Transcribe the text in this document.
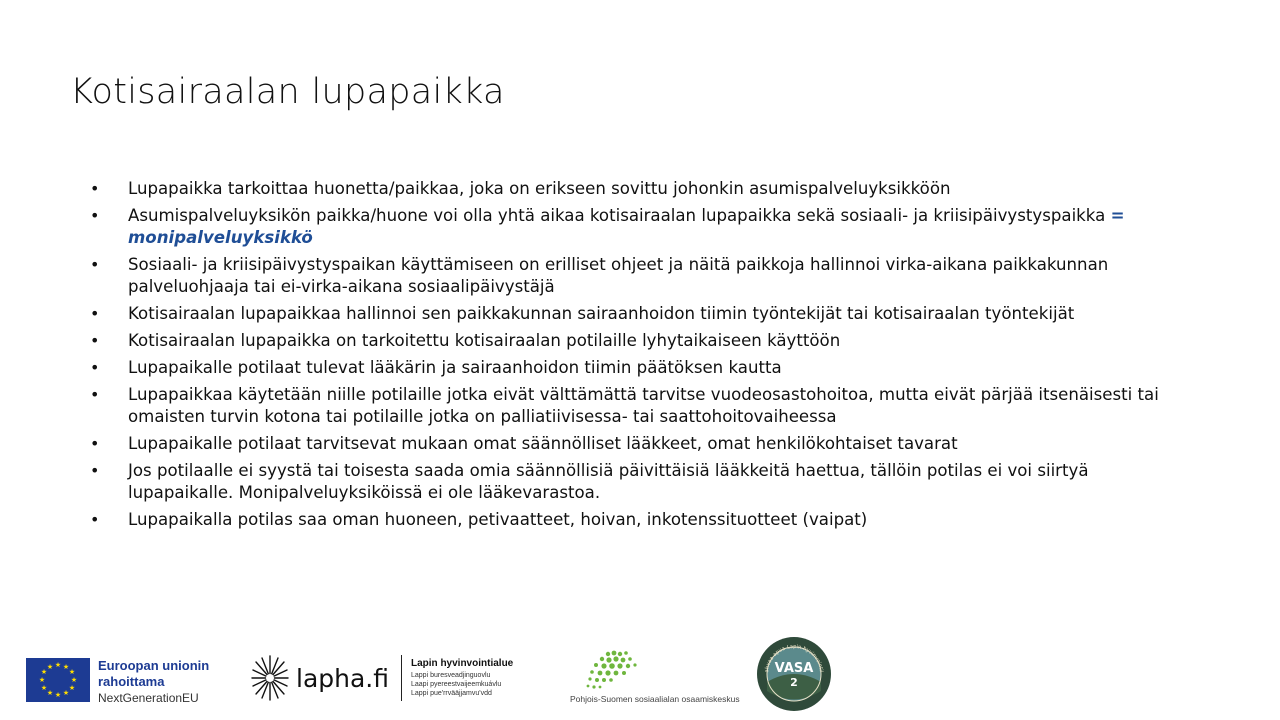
Kotisairaalan lupapaikka
• Lupapaikka tarkoittaa huonetta/paikkaa, joka on erikseen sovittu johonkin asumispalveluyksikköön
• Asumispalveluyksikön paikka/huone voi olla yhtä aikaa kotisairaalan lupapaikka sekä sosiaali- ja kriisipäivystyspaikka = monipalveluyksikkö
• Sosiaali- ja kriisipäivystyspaikan käyttämiseen on erilliset ohjeet ja näitä paikkoja hallinnoi virka-aikana paikkakunnan palveluohjaaja tai ei-virka-aikana sosiaalipäivystäjä
• Kotisairaalan lupapaikkaa hallinnoi sen paikkakunnan sairaanhoidon tiimin työntekijät tai kotisairaalan työntekijät
• Kotisairaalan lupapaikka on tarkoitettu kotisairaalan potilaille lyhytaikaiseen käyttöön
• Lupapaikalle potilaat tulevat lääkärin ja sairaanhoidon tiimin päätöksen kautta
• Lupapaikkaa käytetään niille potilaille jotka eivät välttämättä tarvitse vuodeosastohoitoa, mutta eivät pärjää itsenäisesti tai omaisten turvin kotona tai potilaille jotka on palliatiivisessa- tai saattohoitovaiheessa
• Lupapaikalle potilaat tarvitsevat mukaan omat säännölliset lääkkeet, omat henkilökohtaiset tavarat
• Jos potilaalle ei syystä tai toisesta saada omia säännöllisiä päivittäisiä lääkkeitä haettua, tällöin potilas ei voi siirtyä lupapaikalle. Monipalveluyksiköissä ei ole lääkevarastoa.
• Lupapaikalla potilas saa oman huoneen, petivaatteet, hoivan, inkotenssituotteet (vaipat)
★ ★
★
★
★
★
★
★
★
★
★
★	Euroopan unionin
rahoittama
NextGenerationEU
lapha.fi
Lapin hyvinvointialue
Lappi buresveadjinguovlu
Laapi pyereestvaijeemkuávlu
Lappi pue'rrvääjjamvu'vdd
Pohjois-Suomen sosiaalialan osaamiskeskus
VASA
2
ahvaa apua Lapin hyvinvointii
